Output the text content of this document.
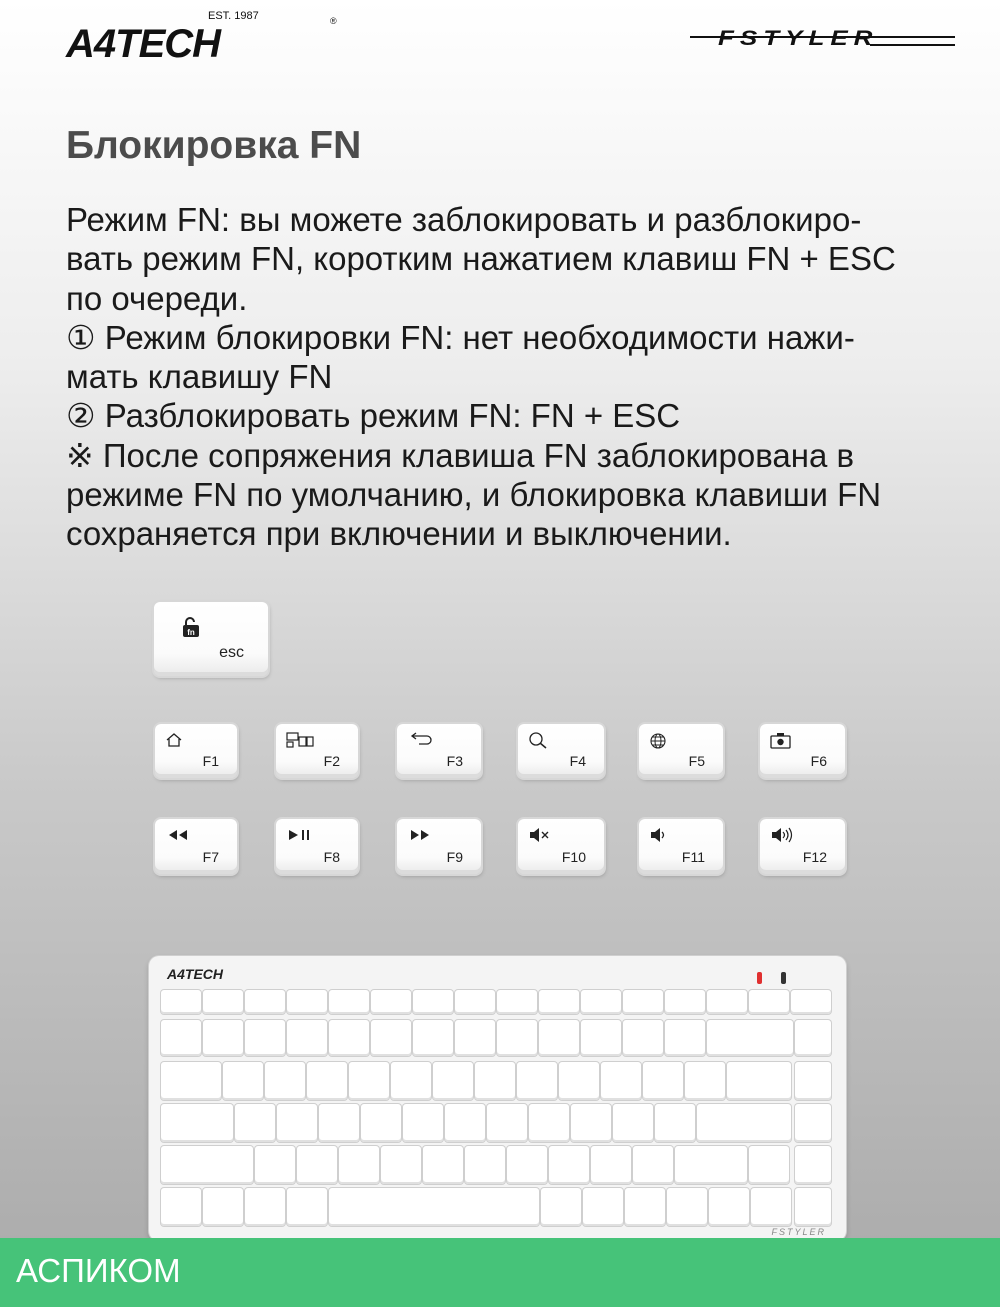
EST. 1987	®
A4TECH	FSTYLER
Блокировка FN

Режим FN: вы можете заблокировать и разблокиро-

вать режим FN, коротким нажатием клавиш FN + ESC

по очереди.

① Режим блокировки FN: нет необходимости нажи-

мать клавишу FN

② Разблокировать режим FN: FN + ESC

※ После сопряжения клавиша FN заблокирована в

режиме FN по умолчанию, и блокировка клавиши FN

сохраняется при включении и выключении.

fn
esc
F1	F2	F3	F4	F5	F6
F7	F8	F9	F10	F11	F12
A4TECH
FSTYLER
АСПИКОМ
